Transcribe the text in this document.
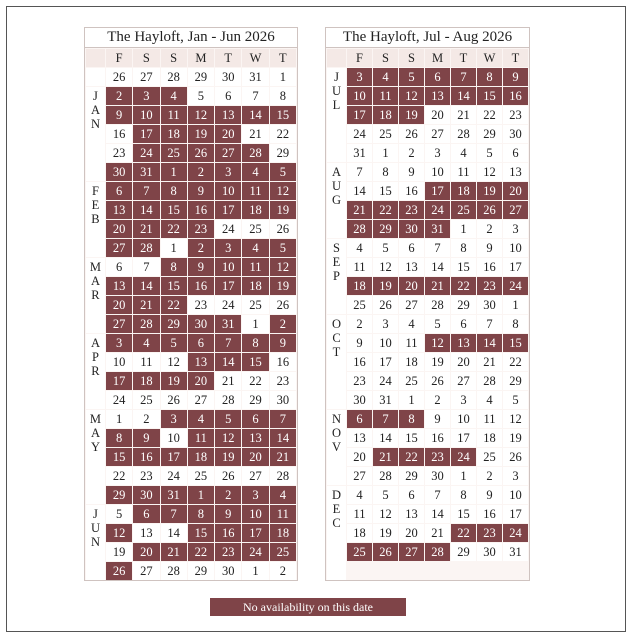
The Hayloft, Jan - Jun 2026
	F	S	S	M	T	W	T
	26	27	28	29	30	31	1

JAN	2	3	4	5	6	7	8
	9	10	11	12	13	14	15
	16	17	18	19	20	21	22
	23	24	25	26	27	28	29
	30	31	1	2	3	4	5

FEB	6	7	8	9	10	11	12
	13	14	15	16	17	18	19
	20	21	22	23	24	25	26
	27	28	1	2	3	4	5

MAR	6	7	8	9	10	11	12
	13	14	15	16	17	18	19
	20	21	22	23	24	25	26
	27	28	29	30	31	1	2

APR	3	4	5	6	7	8	9
	10	11	12	13	14	15	16
	17	18	19	20	21	22	23
	24	25	26	27	28	29	30

MAY	1	2	3	4	5	6	7
	8	9	10	11	12	13	14
	15	16	17	18	19	20	21
	22	23	24	25	26	27	28
	29	30	31	1	2	3	4

JUN	5	6	7	8	9	10	11
	12	13	14	15	16	17	18
	19	20	21	22	23	24	25
	26	27	28	29	30	1	2
The Hayloft, Jul - Aug 2026
	F	S	S	M	T	W	T

JUL	3	4	5	6	7	8	9
	10	11	12	13	14	15	16
	17	18	19	20	21	22	23
	24	25	26	27	28	29	30
	31	1	2	3	4	5	6

AUG	7	8	9	10	11	12	13
	14	15	16	17	18	19	20
	21	22	23	24	25	26	27
	28	29	30	31	1	2	3

SEP	4	5	6	7	8	9	10
	11	12	13	14	15	16	17
	18	19	20	21	22	23	24
	25	26	27	28	29	30	1

OCT	2	3	4	5	6	7	8
	9	10	11	12	13	14	15
	16	17	18	19	20	21	22
	23	24	25	26	27	28	29
	30	31	1	2	3	4	5

NOV	6	7	8	9	10	11	12
	13	14	15	16	17	18	19
	20	21	22	23	24	25	26
	27	28	29	30	1	2	3

DEC	4	5	6	7	8	9	10
	11	12	13	14	15	16	17
	18	19	20	21	22	23	24
	25	26	27	28	29	30	31

No availability on this date
